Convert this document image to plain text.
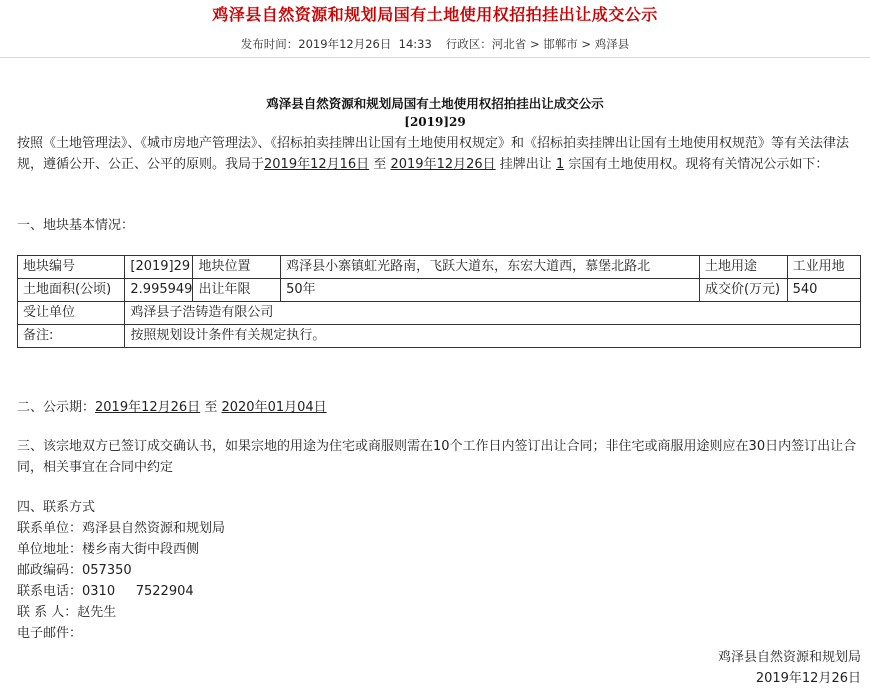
鸡泽县自然资源和规划局国有土地使用权招拍挂出让成交公示
发布时间：2019年12月26日  14:33 行政区：河北省 > 邯郸市 > 鸡泽县
鸡泽县自然资源和规划局国有土地使用权招拍挂出让成交公示
[2019]29
按照《土地管理法》、《城市房地产管理法》、《招标拍卖挂牌出让国有土地使用权规定》和《招标拍卖挂牌出让国有土地使用权规范》等有关法律法规，遵循公开、公正、公平的原则。我局于2019年12月16日 至 2019年12月26日 挂牌出让 1 宗国有土地使用权。现将有关情况公示如下：
一、地块基本情况：
地块编号	[2019]29	地块位置	鸡泽县小寨镇虹光路南，飞跃大道东，东宏大道西，慕堡北路北	土地用途	工业用地
土地面积(公顷)	2.995949	出让年限	50年	成交价(万元)	540
受让单位	鸡泽县子浩铸造有限公司				
备注:	按照规划设计条件有关规定执行。				
二、公示期：2019年12月26日 至 2020年01月04日
三、该宗地双方已签订成交确认书，如果宗地的用途为住宅或商服则需在10个工作日内签订出让合同；非住宅或商服用途则应在30日内签订出让合同，相关事宜在合同中约定
四、联系方式
联系单位：鸡泽县自然资源和规划局
单位地址：楼乡南大街中段西侧
邮政编码：057350
联系电话：0310     7522904
联 系 人：赵先生
电子邮件：
鸡泽县自然资源和规划局
2019年12月26日
